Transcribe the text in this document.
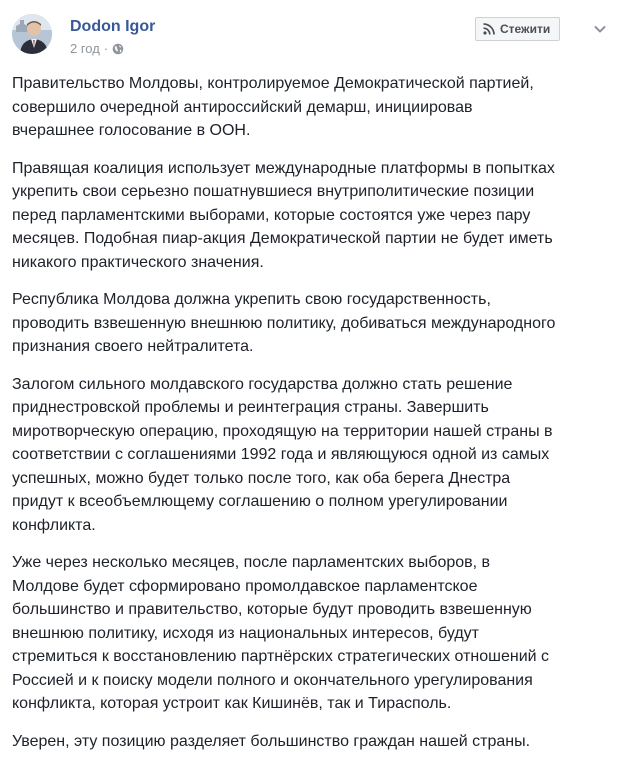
Dodon Igor
2 год ·
Стежити

Правительство Молдовы, контролируемое Демократической партией,
совершило очередной антироссийский демарш, инициировав
вчерашнее голосование в ООН.

Правящая коалиция использует международные платформы в попытках
укрепить свои серьезно пошатнувшиеся внутриполитические позиции
перед парламентскими выборами, которые состоятся уже через пару
месяцев. Подобная пиар-акция Демократической партии не будет иметь
никакого практического значения.

Республика Молдова должна укрепить свою государственность,
проводить взвешенную внешнюю политику, добиваться международного
признания своего нейтралитета.

Залогом сильного молдавского государства должно стать решение
приднестровской проблемы и реинтеграция страны. Завершить
миротворческую операцию, проходящую на территории нашей страны в
соответствии с соглашениями 1992 года и являющуюся одной из самых
успешных, можно будет только после того, как оба берега Днестра
придут к всеобъемлющему соглашению о полном урегулировании
конфликта.

Уже через несколько месяцев, после парламентских выборов, в
Молдове будет сформировано промолдавское парламентское
большинство и правительство, которые будут проводить взвешенную
внешнюю политику, исходя из национальных интересов, будут
стремиться к восстановлению партнёрских стратегических отношений с
Россией и к поиску модели полного и окончательного урегулирования
конфликта, которая устроит как Кишинёв, так и Тирасполь.

Уверен, эту позицию разделяет большинство граждан нашей страны.
